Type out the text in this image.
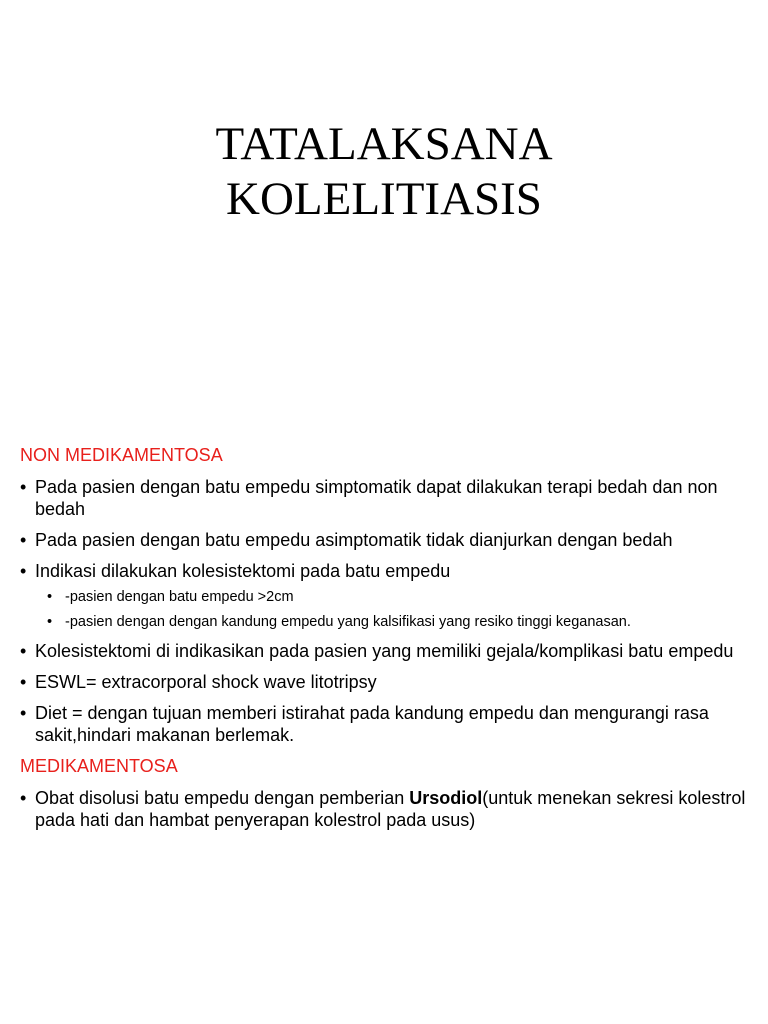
TATALAKSANA
KOLELITIASIS
NON MEDIKAMENTOSA
• Pada pasien dengan batu empedu simptomatik dapat dilakukan terapi bedah dan non bedah
• Pada pasien dengan batu empedu asimptomatik tidak dianjurkan dengan bedah
• Indikasi dilakukan kolesistektomi pada batu empedu
• -pasien dengan batu empedu >2cm
• -pasien dengan dengan kandung empedu yang kalsifikasi yang resiko tinggi keganasan.
• Kolesistektomi di indikasikan pada pasien yang memiliki gejala/komplikasi batu empedu
• ESWL= extracorporal shock wave litotripsy
• Diet = dengan tujuan memberi istirahat pada kandung empedu dan mengurangi rasa sakit,hindari makanan berlemak.
MEDIKAMENTOSA
• Obat disolusi batu empedu dengan pemberian Ursodiol(untuk menekan sekresi kolestrol pada hati dan hambat penyerapan kolestrol pada usus)
